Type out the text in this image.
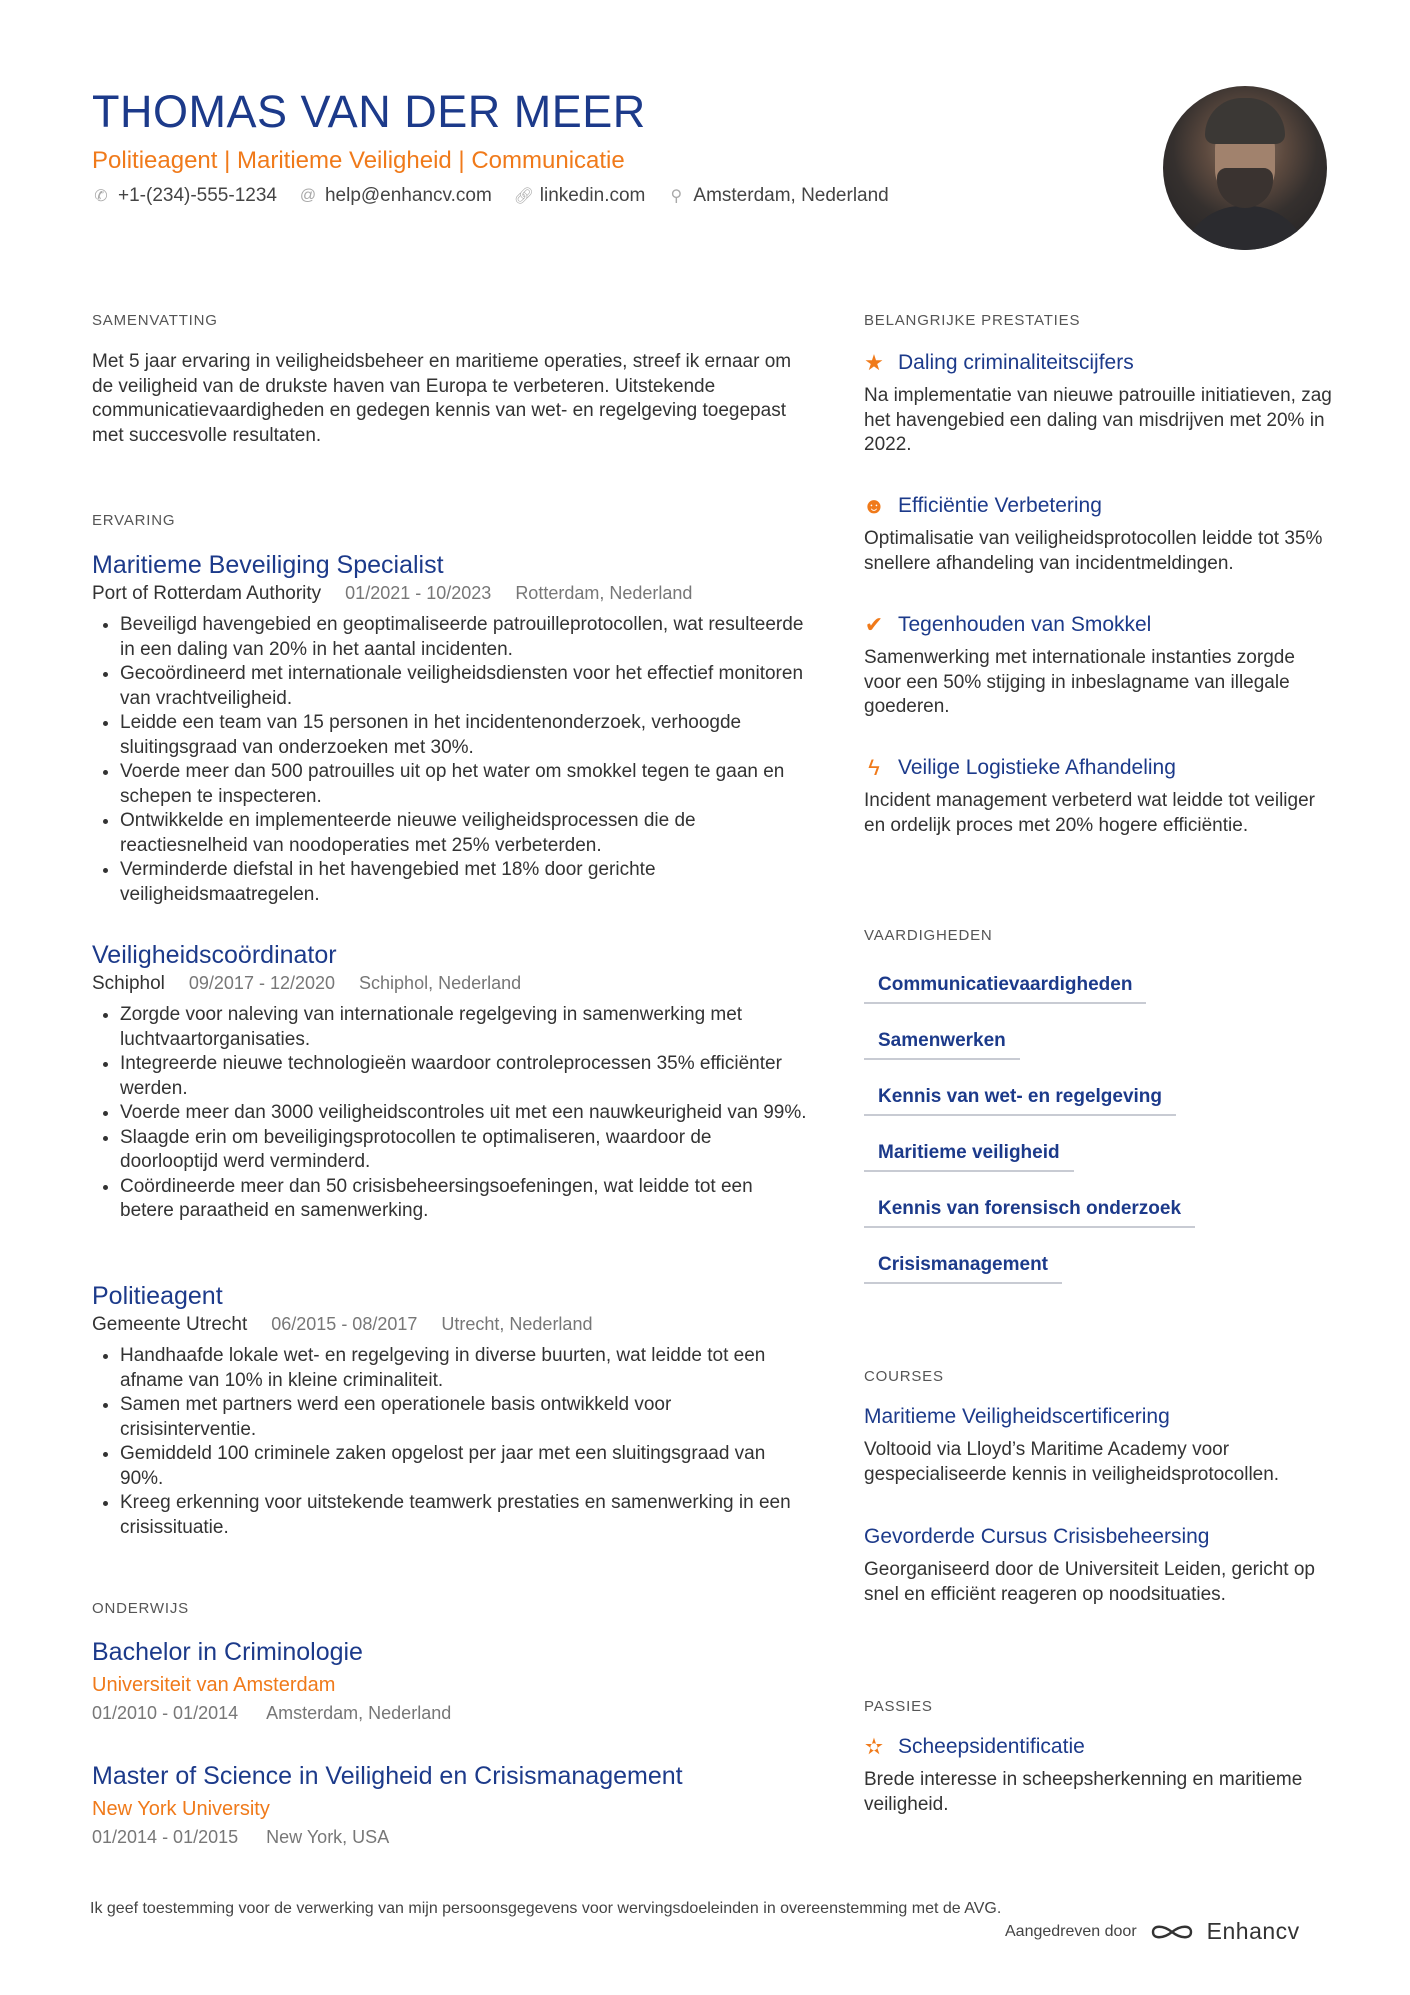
THOMAS VAN DER MEER
Politieagent | Maritieme Veiligheid | Communicatie
✆ +1-(234)-555-1234 @ help@enhancv.com 🔗︎ linkedin.com ⚲ Amsterdam, Nederland
SAMENVATTING
Met 5 jaar ervaring in veiligheidsbeheer en maritieme operaties, streef ik ernaar om de veiligheid van de drukste haven van Europa te verbeteren. Uitstekende communicatievaardigheden en gedegen kennis van wet- en regelgeving toegepast met succesvolle resultaten.
ERVARING
Maritieme Beveiliging Specialist
Port of Rotterdam Authority 01/2021 - 10/2023 Rotterdam, Nederland
• Beveiligd havengebied en geoptimaliseerde patrouilleprotocollen, wat resulteerde in een daling van 20% in het aantal incidenten.
• Gecoördineerd met internationale veiligheidsdiensten voor het effectief monitoren van vrachtveiligheid.
• Leidde een team van 15 personen in het incidentenonderzoek, verhoogde sluitingsgraad van onderzoeken met 30%.
• Voerde meer dan 500 patrouilles uit op het water om smokkel tegen te gaan en schepen te inspecteren.
• Ontwikkelde en implementeerde nieuwe veiligheidsprocessen die de reactiesnelheid van noodoperaties met 25% verbeterden.
• Verminderde diefstal in het havengebied met 18% door gerichte veiligheidsmaatregelen.
Veiligheidscoördinator
Schiphol 09/2017 - 12/2020 Schiphol, Nederland
• Zorgde voor naleving van internationale regelgeving in samenwerking met luchtvaartorganisaties.
• Integreerde nieuwe technologieën waardoor controleprocessen 35% efficiënter werden.
• Voerde meer dan 3000 veiligheidscontroles uit met een nauwkeurigheid van 99%.
• Slaagde erin om beveiligingsprotocollen te optimaliseren, waardoor de doorlooptijd werd verminderd.
• Coördineerde meer dan 50 crisisbeheersingsoefeningen, wat leidde tot een betere paraatheid en samenwerking.
Politieagent
Gemeente Utrecht 06/2015 - 08/2017 Utrecht, Nederland
• Handhaafde lokale wet- en regelgeving in diverse buurten, wat leidde tot een afname van 10% in kleine criminaliteit.
• Samen met partners werd een operationele basis ontwikkeld voor crisisinterventie.
• Gemiddeld 100 criminele zaken opgelost per jaar met een sluitingsgraad van 90%.
• Kreeg erkenning voor uitstekende teamwerk prestaties en samenwerking in een crisissituatie.
ONDERWIJS
Bachelor in Criminologie
Universiteit van Amsterdam
01/2010 - 01/2014 Amsterdam, Nederland
Master of Science in Veiligheid en Crisismanagement
New York University
01/2014 - 01/2015 New York, USA
BELANGRIJKE PRESTATIES
★ Daling criminaliteitscijfers
Na implementatie van nieuwe patrouille initiatieven, zag het havengebied een daling van misdrijven met 20% in 2022.
☻ Efficiëntie Verbetering
Optimalisatie van veiligheidsprotocollen leidde tot 35% snellere afhandeling van incidentmeldingen.
✔ Tegenhouden van Smokkel
Samenwerking met internationale instanties zorgde voor een 50% stijging in inbeslagname van illegale goederen.
ϟ Veilige Logistieke Afhandeling
Incident management verbeterd wat leidde tot veiliger en ordelijk proces met 20% hogere efficiëntie.
VAARDIGHEDEN
Communicatievaardigheden
Samenwerken
Kennis van wet- en regelgeving
Maritieme veiligheid
Kennis van forensisch onderzoek
Crisismanagement
COURSES
Maritieme Veiligheidscertificering
Voltooid via Lloyd’s Maritime Academy voor gespecialiseerde kennis in veiligheidsprotocollen.
Gevorderde Cursus Crisisbeheersing
Georganiseerd door de Universiteit Leiden, gericht op snel en efficiënt reageren op noodsituaties.
PASSIES
✫ Scheepsidentificatie
Brede interesse in scheepsherkenning en maritieme veiligheid.
Ik geef toestemming voor de verwerking van mijn persoonsgegevens voor wervingsdoeleinden in overeenstemming met de AVG.
Aangedreven door	Enhancv
